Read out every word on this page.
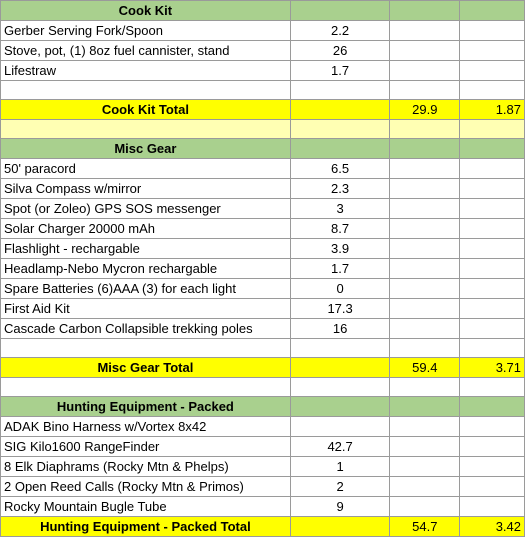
Cook Kit			
Gerber Serving Fork/Spoon	2.2		
Stove, pot, (1) 8oz fuel cannister, stand	26		
Lifestraw	1.7		

Cook Kit Total		29.9	1.87

Misc Gear			
50' paracord	6.5		
Silva Compass w/mirror	2.3		
Spot (or Zoleo) GPS SOS messenger	3		
Solar Charger 20000 mAh	8.7		
Flashlight - rechargable	3.9		
Headlamp-Nebo Mycron rechargable	1.7		
Spare Batteries (6)AAA (3) for each light	0		
First Aid Kit	17.3		
Cascade Carbon Collapsible trekking poles	16		

Misc Gear Total		59.4	3.71

Hunting Equipment - Packed			
ADAK Bino Harness w/Vortex 8x42			
SIG Kilo1600 RangeFinder	42.7		
8 Elk Diaphrams (Rocky Mtn & Phelps)	1		
2 Open Reed Calls (Rocky Mtn & Primos)	2		
Rocky Mountain Bugle Tube	9		
Hunting Equipment - Packed Total		54.7	3.42
